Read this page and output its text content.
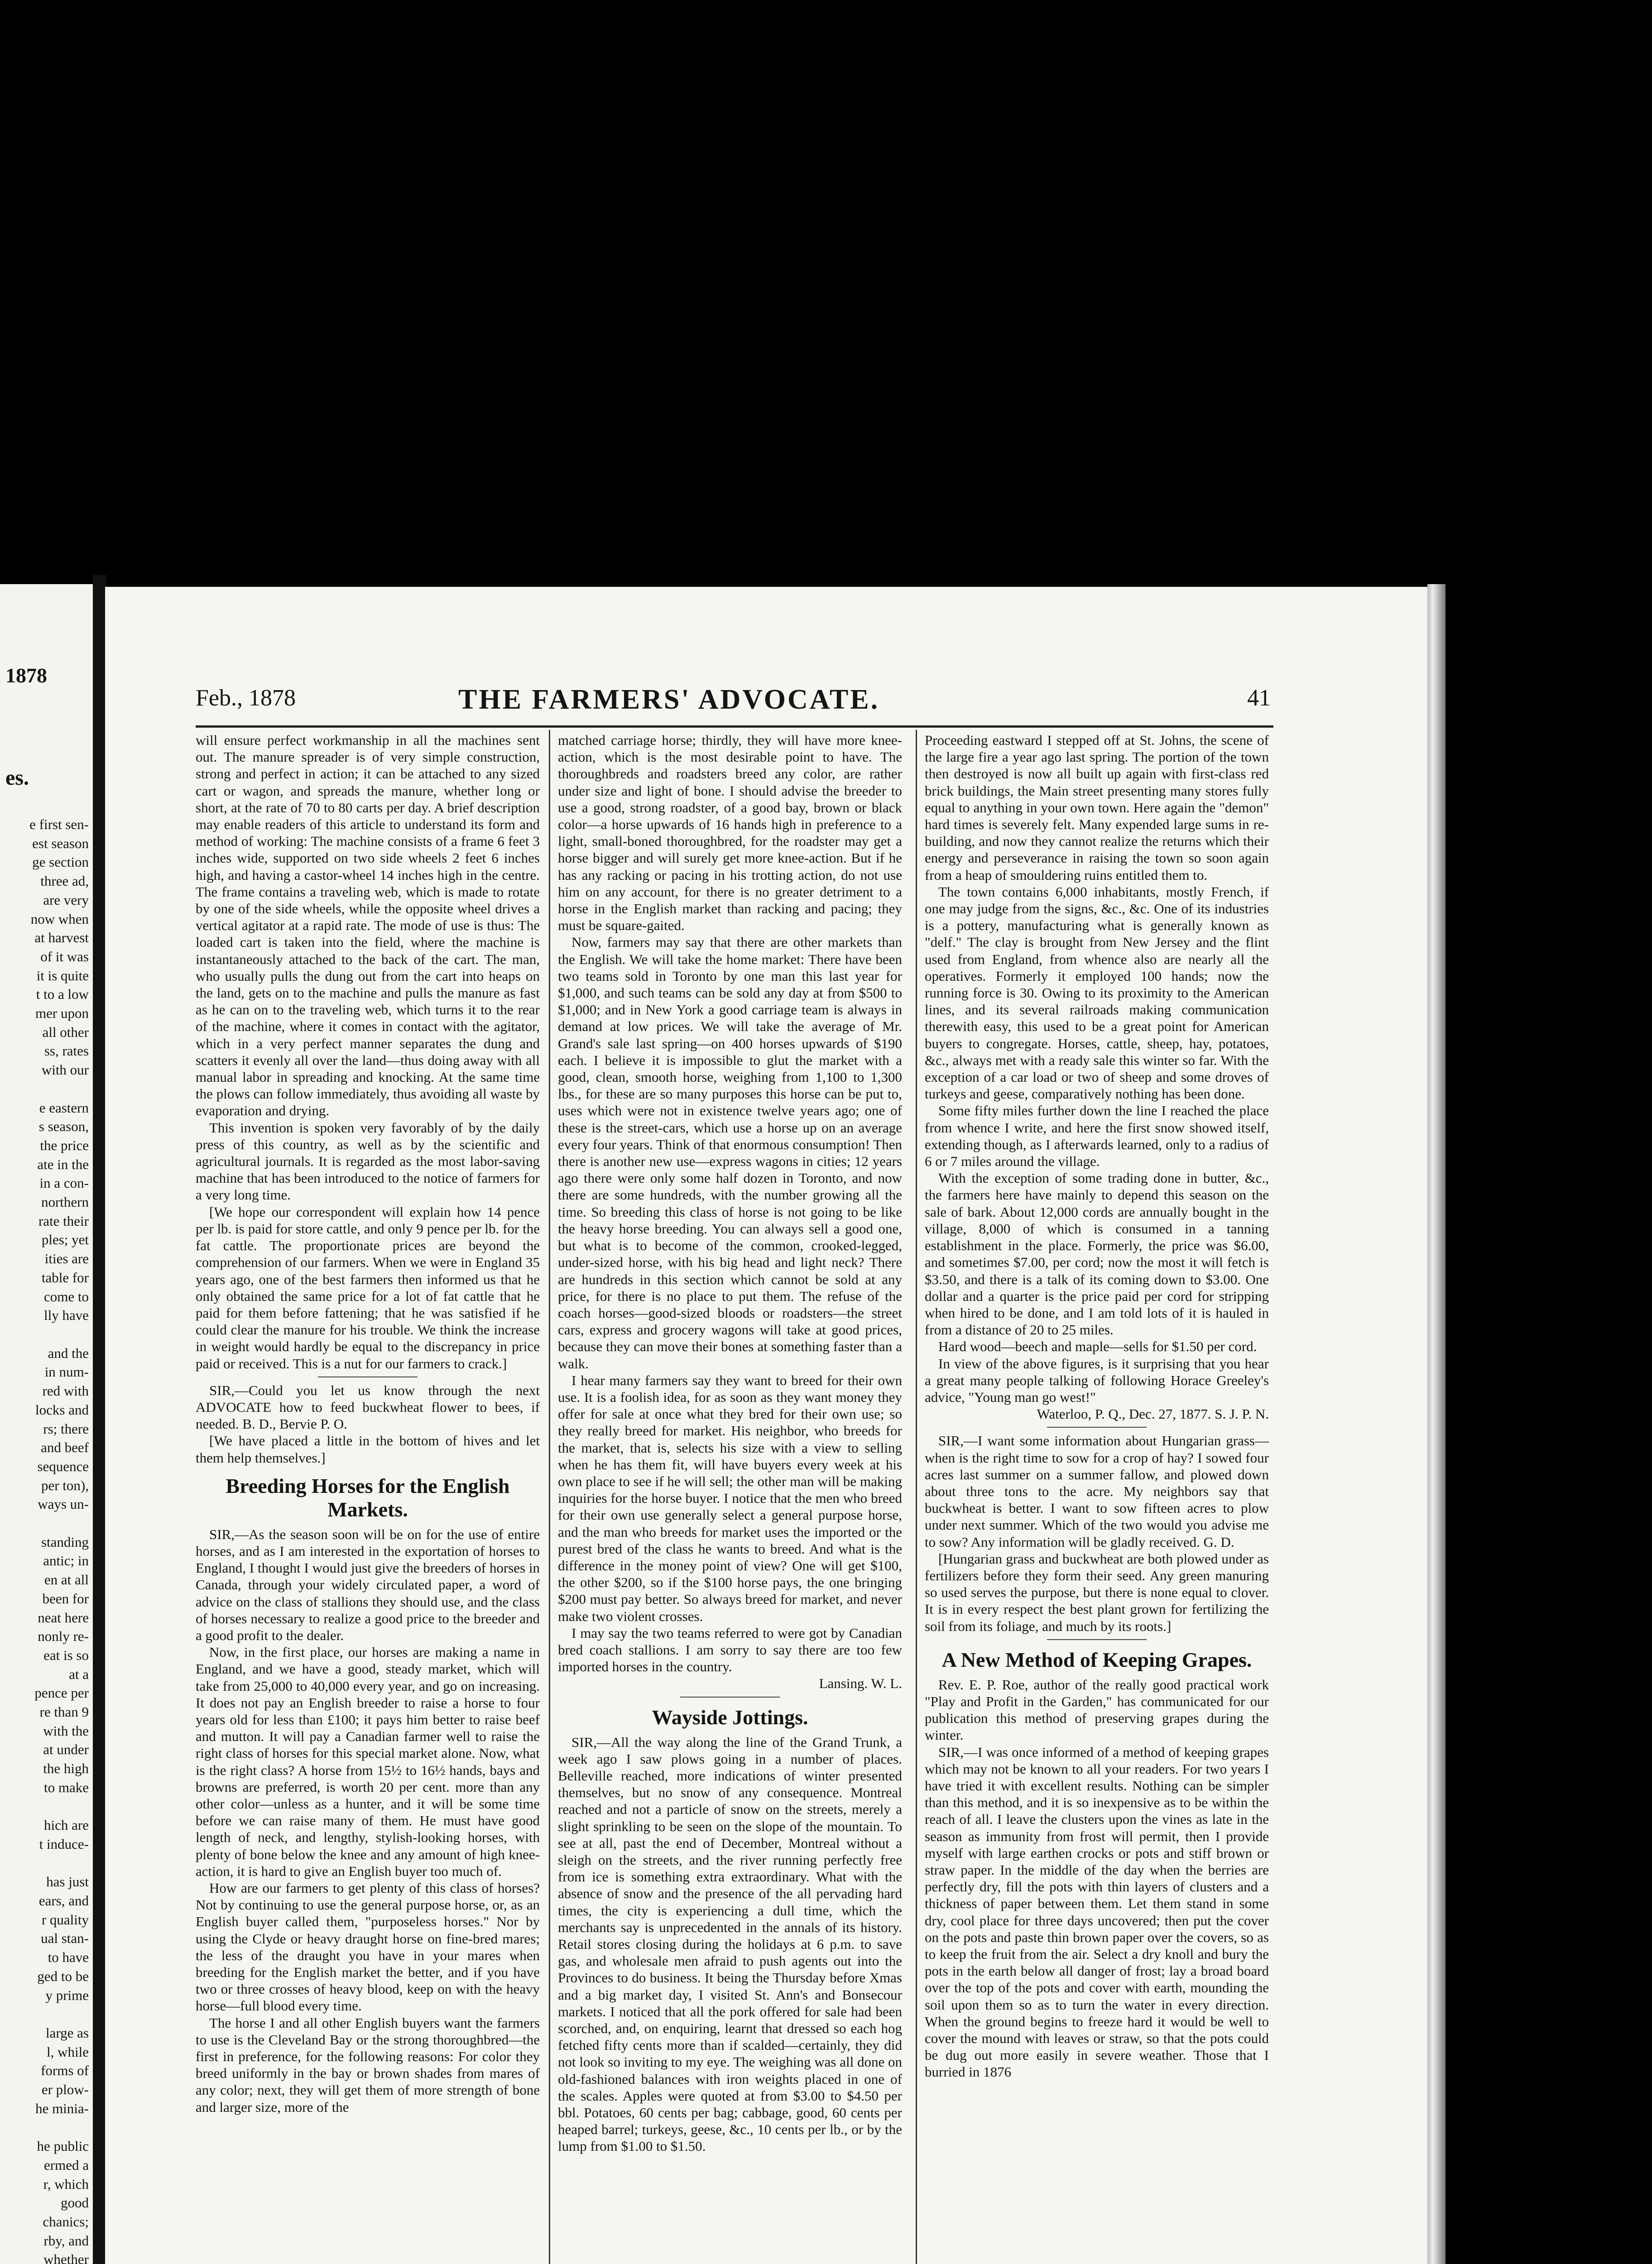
1878
es.
e first sen-
est season
ge section
three ad,
are very
now when
at harvest
of it was
it is quite
t to a low
mer upon
all other
ss, rates
with our

e eastern
s season,
the price
ate in the
in a con-
northern
rate their
ples; yet
ities are
table for
come to
lly have

and the
in num-
red with
locks and
rs; there
and beef
sequence
per ton),
ways un-

standing
antic; in
en at all
been for
neat here
nonly re-
eat is so
at a
pence per
re than 9
with the
at under
the high
to make

hich are
t induce-

has just
ears, and
r quality
ual stan-
to have
ged to be
y prime

large as
l, while
forms of
er plow-
he minia-

he public
ermed a
r, which
good
chanics;
rby, and
whether
Feb., 1878	THE FARMERS' ADVOCATE.	41

will ensure perfect workmanship in all the machines sent out. The manure spreader is of very simple construction, strong and perfect in action; it can be attached to any sized cart or wagon, and spreads the manure, whether long or short, at the rate of 70 to 80 carts per day. A brief description may enable readers of this article to understand its form and method of working: The machine consists of a frame 6 feet 3 inches wide, supported on two side wheels 2 feet 6 inches high, and having a castor-wheel 14 inches high in the centre. The frame contains a traveling web, which is made to rotate by one of the side wheels, while the opposite wheel drives a vertical agitator at a rapid rate. The mode of use is thus: The loaded cart is taken into the field, where the machine is instantaneously attached to the back of the cart. The man, who usually pulls the dung out from the cart into heaps on the land, gets on to the machine and pulls the manure as fast as he can on to the traveling web, which turns it to the rear of the machine, where it comes in contact with the agitator, which in a very perfect manner separates the dung and scatters it evenly all over the land—thus doing away with all manual labor in spreading and knocking. At the same time the plows can follow immediately, thus avoiding all waste by evaporation and drying.

This invention is spoken very favorably of by the daily press of this country, as well as by the scientific and agricultural journals. It is regarded as the most labor-saving machine that has been introduced to the notice of farmers for a very long time.

[We hope our correspondent will explain how 14 pence per lb. is paid for store cattle, and only 9 pence per lb. for the fat cattle. The proportionate prices are beyond the comprehension of our farmers. When we were in England 35 years ago, one of the best farmers then informed us that he only obtained the same price for a lot of fat cattle that he paid for them before fattening; that he was satisfied if he could clear the manure for his trouble. We think the increase in weight would hardly be equal to the discrepancy in price paid or received. This is a nut for our farmers to crack.]

SIR,—Could you let us know through the next ADVOCATE how to feed buckwheat flower to bees, if needed. B. D., Bervie P. O.

[We have placed a little in the bottom of hives and let them help themselves.]

Breeding Horses for the English Markets.

SIR,—As the season soon will be on for the use of entire horses, and as I am interested in the exportation of horses to England, I thought I would just give the breeders of horses in Canada, through your widely circulated paper, a word of advice on the class of stallions they should use, and the class of horses necessary to realize a good price to the breeder and a good profit to the dealer.

Now, in the first place, our horses are making a name in England, and we have a good, steady market, which will take from 25,000 to 40,000 every year, and go on increasing. It does not pay an English breeder to raise a horse to four years old for less than £100; it pays him better to raise beef and mutton. It will pay a Canadian farmer well to raise the right class of horses for this special market alone. Now, what is the right class? A horse from 15½ to 16½ hands, bays and browns are preferred, is worth 20 per cent. more than any other color—unless as a hunter, and it will be some time before we can raise many of them. He must have good length of neck, and lengthy, stylish-looking horses, with plenty of bone below the knee and any amount of high knee-action, it is hard to give an English buyer too much of.

How are our farmers to get plenty of this class of horses? Not by continuing to use the general purpose horse, or, as an English buyer called them, "purposeless horses." Nor by using the Clyde or heavy draught horse on fine-bred mares; the less of the draught you have in your mares when breeding for the English market the better, and if you have two or three crosses of heavy blood, keep on with the heavy horse—full blood every time.

The horse I and all other English buyers want the farmers to use is the Cleveland Bay or the strong thoroughbred—the first in preference, for the following reasons: For color they breed uniformly in the bay or brown shades from mares of any color; next, they will get them of more strength of bone and larger size, more of the

matched carriage horse; thirdly, they will have more knee-action, which is the most desirable point to have. The thoroughbreds and roadsters breed any color, are rather under size and light of bone. I should advise the breeder to use a good, strong roadster, of a good bay, brown or black color—a horse upwards of 16 hands high in preference to a light, small-boned thoroughbred, for the roadster may get a horse bigger and will surely get more knee-action. But if he has any racking or pacing in his trotting action, do not use him on any account, for there is no greater detriment to a horse in the English market than racking and pacing; they must be square-gaited.

Now, farmers may say that there are other markets than the English. We will take the home market: There have been two teams sold in Toronto by one man this last year for $1,000, and such teams can be sold any day at from $500 to $1,000; and in New York a good carriage team is always in demand at low prices. We will take the average of Mr. Grand's sale last spring—on 400 horses upwards of $190 each. I believe it is impossible to glut the market with a good, clean, smooth horse, weighing from 1,100 to 1,300 lbs., for these are so many purposes this horse can be put to, uses which were not in existence twelve years ago; one of these is the street-cars, which use a horse up on an average every four years. Think of that enormous consumption! Then there is another new use—express wagons in cities; 12 years ago there were only some half dozen in Toronto, and now there are some hundreds, with the number growing all the time. So breeding this class of horse is not going to be like the heavy horse breeding. You can always sell a good one, but what is to become of the common, crooked-legged, under-sized horse, with his big head and light neck? There are hundreds in this section which cannot be sold at any price, for there is no place to put them. The refuse of the coach horses—good-sized bloods or roadsters—the street cars, express and grocery wagons will take at good prices, because they can move their bones at something faster than a walk.

I hear many farmers say they want to breed for their own use. It is a foolish idea, for as soon as they want money they offer for sale at once what they bred for their own use; so they really breed for market. His neighbor, who breeds for the market, that is, selects his size with a view to selling when he has them fit, will have buyers every week at his own place to see if he will sell; the other man will be making inquiries for the horse buyer. I notice that the men who breed for their own use generally select a general purpose horse, and the man who breeds for market uses the imported or the purest bred of the class he wants to breed. And what is the difference in the money point of view? One will get $100, the other $200, so if the $100 horse pays, the one bringing $200 must pay better. So always breed for market, and never make two violent crosses.

I may say the two teams referred to were got by Canadian bred coach stallions. I am sorry to say there are too few imported horses in the country.

Lansing. W. L.

Wayside Jottings.

SIR,—All the way along the line of the Grand Trunk, a week ago I saw plows going in a number of places. Belleville reached, more indications of winter presented themselves, but no snow of any consequence. Montreal reached and not a particle of snow on the streets, merely a slight sprinkling to be seen on the slope of the mountain. To see at all, past the end of December, Montreal without a sleigh on the streets, and the river running perfectly free from ice is something extra extraordinary. What with the absence of snow and the presence of the all pervading hard times, the city is experiencing a dull time, which the merchants say is unprecedented in the annals of its history. Retail stores closing during the holidays at 6 p.m. to save gas, and wholesale men afraid to push agents out into the Provinces to do business. It being the Thursday before Xmas and a big market day, I visited St. Ann's and Bonsecour markets. I noticed that all the pork offered for sale had been scorched, and, on enquiring, learnt that dressed so each hog fetched fifty cents more than if scalded—certainly, they did not look so inviting to my eye. The weighing was all done on old-fashioned balances with iron weights placed in one of the scales. Apples were quoted at from $3.00 to $4.50 per bbl. Potatoes, 60 cents per bag; cabbage, good, 60 cents per heaped barrel; turkeys, geese, &c., 10 cents per lb., or by the lump from $1.00 to $1.50.

Proceeding eastward I stepped off at St. Johns, the scene of the large fire a year ago last spring. The portion of the town then destroyed is now all built up again with first-class red brick buildings, the Main street presenting many stores fully equal to anything in your own town. Here again the "demon" hard times is severely felt. Many expended large sums in re-building, and now they cannot realize the returns which their energy and perseverance in raising the town so soon again from a heap of smouldering ruins entitled them to.

The town contains 6,000 inhabitants, mostly French, if one may judge from the signs, &c., &c. One of its industries is a pottery, manufacturing what is generally known as "delf." The clay is brought from New Jersey and the flint used from England, from whence also are nearly all the operatives. Formerly it employed 100 hands; now the running force is 30. Owing to its proximity to the American lines, and its several railroads making communication therewith easy, this used to be a great point for American buyers to congregate. Horses, cattle, sheep, hay, potatoes, &c., always met with a ready sale this winter so far. With the exception of a car load or two of sheep and some droves of turkeys and geese, comparatively nothing has been done.

Some fifty miles further down the line I reached the place from whence I write, and here the first snow showed itself, extending though, as I afterwards learned, only to a radius of 6 or 7 miles around the village.

With the exception of some trading done in butter, &c., the farmers here have mainly to depend this season on the sale of bark. About 12,000 cords are annually bought in the village, 8,000 of which is consumed in a tanning establishment in the place. Formerly, the price was $6.00, and sometimes $7.00, per cord; now the most it will fetch is $3.50, and there is a talk of its coming down to $3.00. One dollar and a quarter is the price paid per cord for stripping when hired to be done, and I am told lots of it is hauled in from a distance of 20 to 25 miles.

Hard wood—beech and maple—sells for $1.50 per cord.

In view of the above figures, is it surprising that you hear a great many people talking of following Horace Greeley's advice, "Young man go west!"

Waterloo, P. Q., Dec. 27, 1877. S. J. P. N.

SIR,—I want some information about Hungarian grass—when is the right time to sow for a crop of hay? I sowed four acres last summer on a summer fallow, and plowed down about three tons to the acre. My neighbors say that buckwheat is better. I want to sow fifteen acres to plow under next summer. Which of the two would you advise me to sow? Any information will be gladly received. G. D.

[Hungarian grass and buckwheat are both plowed under as fertilizers before they form their seed. Any green manuring so used serves the purpose, but there is none equal to clover. It is in every respect the best plant grown for fertilizing the soil from its foliage, and much by its roots.]

A New Method of Keeping Grapes.

Rev. E. P. Roe, author of the really good practical work "Play and Profit in the Garden," has communicated for our publication this method of preserving grapes during the winter.

SIR,—I was once informed of a method of keeping grapes which may not be known to all your readers. For two years I have tried it with excellent results. Nothing can be simpler than this method, and it is so inexpensive as to be within the reach of all. I leave the clusters upon the vines as late in the season as immunity from frost will permit, then I provide myself with large earthen crocks or pots and stiff brown or straw paper. In the middle of the day when the berries are perfectly dry, fill the pots with thin layers of clusters and a thickness of paper between them. Let them stand in some dry, cool place for three days uncovered; then put the cover on the pots and paste thin brown paper over the covers, so as to keep the fruit from the air. Select a dry knoll and bury the pots in the earth below all danger of frost; lay a broad board over the top of the pots and cover with earth, mounding the soil upon them so as to turn the water in every direction. When the ground begins to freeze hard it would be well to cover the mound with leaves or straw, so that the pots could be dug out more easily in severe weather. Those that I burried in 1876
